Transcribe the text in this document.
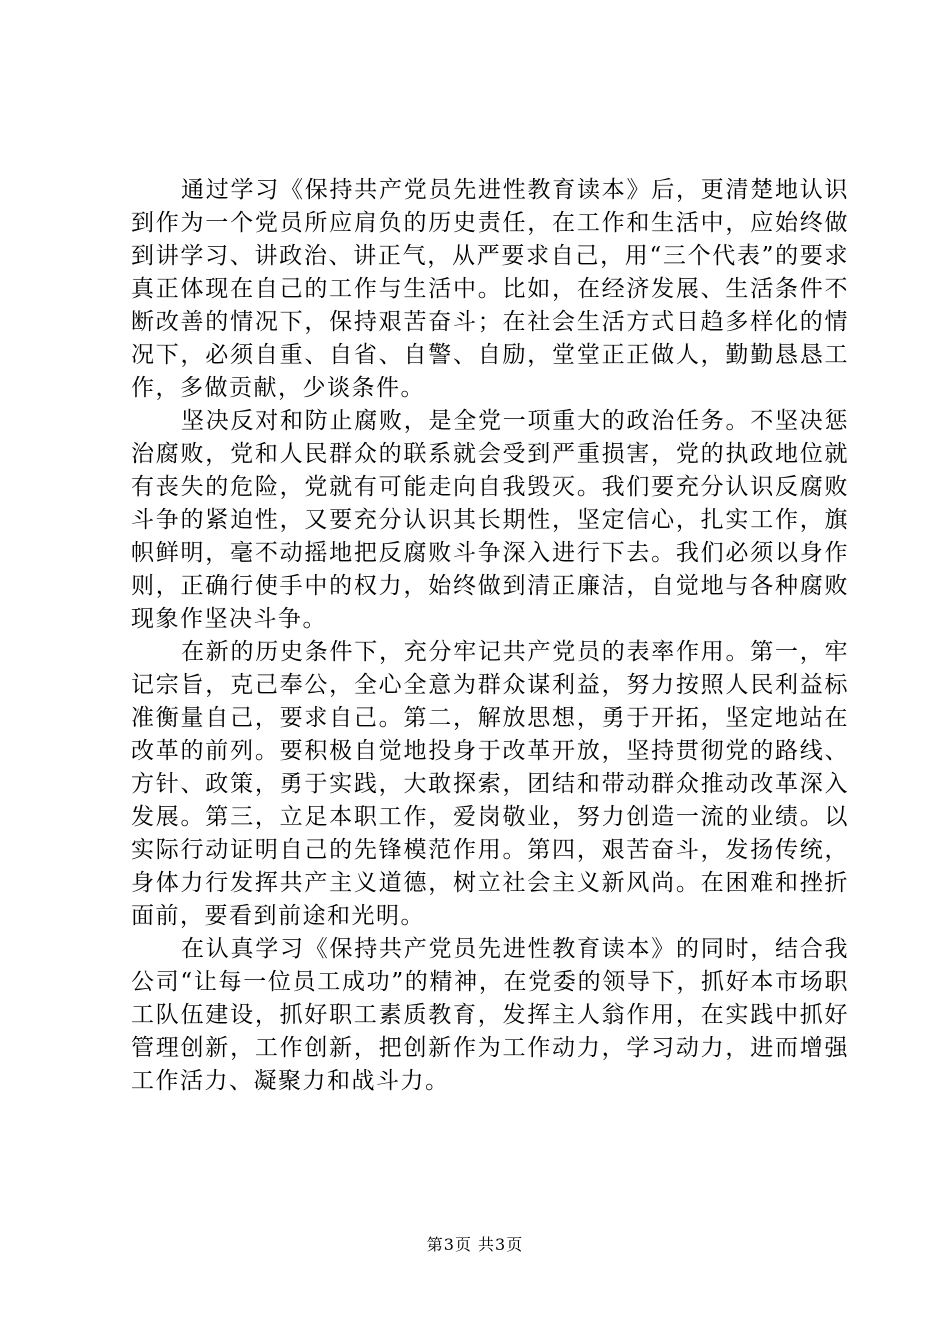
通过学习《保持共产党员先进性教育读本》后，更清楚地认识到作为一个党员所应肩负的历史责任，在工作和生活中，应始终做到讲学习、讲政治、讲正气，从严要求自己，用“三个代表”的要求真正体现在自己的工作与生活中。比如，在经济发展、生活条件不断改善的情况下，保持艰苦奋斗；在社会生活方式日趋多样化的情况下，必须自重、自省、自警、自励，堂堂正正做人，勤勤恳恳工作，多做贡献，少谈条件。

坚决反对和防止腐败，是全党一项重大的政治任务。不坚决惩治腐败，党和人民群众的联系就会受到严重损害，党的执政地位就有丧失的危险，党就有可能走向自我毁灭。我们要充分认识反腐败斗争的紧迫性，又要充分认识其长期性，坚定信心，扎实工作，旗帜鲜明，毫不动摇地把反腐败斗争深入进行下去。我们必须以身作则，正确行使手中的权力，始终做到清正廉洁，自觉地与各种腐败现象作坚决斗争。

在新的历史条件下，充分牢记共产党员的表率作用。第一，牢记宗旨，克己奉公，全心全意为群众谋利益，努力按照人民利益标准衡量自己，要求自己。第二，解放思想，勇于开拓，坚定地站在改革的前列。要积极自觉地投身于改革开放，坚持贯彻党的路线、方针、政策，勇于实践，大敢探索，团结和带动群众推动改革深入发展。第三，立足本职工作，爱岗敬业，努力创造一流的业绩。以实际行动证明自己的先锋模范作用。第四，艰苦奋斗，发扬传统，身体力行发挥共产主义道德，树立社会主义新风尚。在困难和挫折面前，要看到前途和光明。

在认真学习《保持共产党员先进性教育读本》的同时，结合我公司“让每一位员工成功”的精神，在党委的领导下，抓好本市场职工队伍建设，抓好职工素质教育，发挥主人翁作用，在实践中抓好管理创新，工作创新，把创新作为工作动力，学习动力，进而增强工作活力、凝聚力和战斗力。

第3页 共3页
